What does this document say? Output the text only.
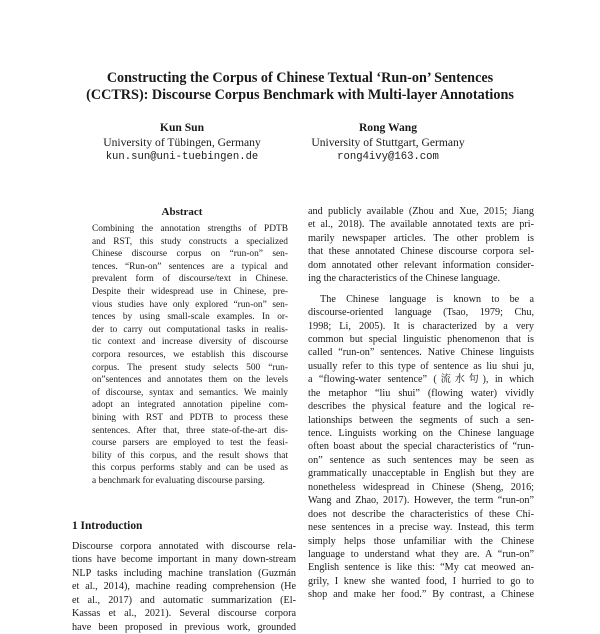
Constructing the Corpus of Chinese Textual ‘Run-on’ Sentences
(CCTRS): Discourse Corpus Benchmark with Multi-layer Annotations
Kun Sun
University of Tübingen, Germany
kun.sun@uni-tuebingen.de
Rong Wang
University of Stuttgart, Germany
rong4ivy@163.com
Abstract
Combining the annotation strengths of PDTB
and RST, this study constructs a specialized
Chinese discourse corpus on “run-on” sen-
tences. “Run-on” sentences are a typical and
prevalent form of discourse/text in Chinese.
Despite their widespread use in Chinese, pre-
vious studies have only explored “run-on” sen-
tences by using small-scale examples. In or-
der to carry out computational tasks in realis-
tic context and increase diversity of discourse
corpora resources, we establish this discourse
corpus. The present study selects 500 “run-
on”sentences and annotates them on the levels
of discourse, syntax and semantics. We mainly
adopt an integrated annotation pipeline com-
bining with RST and PDTB to process these
sentences. After that, three state-of-the-art dis-
course parsers are employed to test the feasi-
bility of this corpus, and the result shows that
this corpus performs stably and can be used as
a benchmark for evaluating discourse parsing.
1 Introduction
Discourse corpora annotated with discourse rela-
tions have become important in many down-stream
NLP tasks including machine translation (Guzmán
et al., 2014), machine reading comprehension (He
et al., 2017) and automatic summarization (El-
Kassas et al., 2021). Several discourse corpora
have been proposed in previous work, grounded
and publicly available (Zhou and Xue, 2015; Jiang
et al., 2018). The available annotated texts are pri-
marily newspaper articles. The other problem is
that these annotated Chinese discourse corpora sel-
dom annotated other relevant information consider-
ing the characteristics of the Chinese language.
The Chinese language is known to be a
discourse-oriented language (Tsao, 1979; Chu,
1998; Li, 2005). It is characterized by a very
common but special linguistic phenomenon that is
called “run-on” sentences. Native Chinese linguists
usually refer to this type of sentence as liu shui ju,
a “flowing-water sentence” (流水句), in which
the metaphor “liu shui” (flowing water) vividly
describes the physical feature and the logical re-
lationships between the segments of such a sen-
tence. Linguists working on the Chinese language
often boast about the special characteristics of “run-
on” sentence as such sentences may be seen as
grammatically unacceptable in English but they are
nonetheless widespread in Chinese (Sheng, 2016;
Wang and Zhao, 2017). However, the term “run-on”
does not describe the characteristics of these Chi-
nese sentences in a precise way. Instead, this term
simply helps those unfamiliar with the Chinese
language to understand what they are. A “run-on”
English sentence is like this: “My cat meowed an-
grily, I knew she wanted food, I hurried to go to
shop and make her food.” By contrast, a Chinese
